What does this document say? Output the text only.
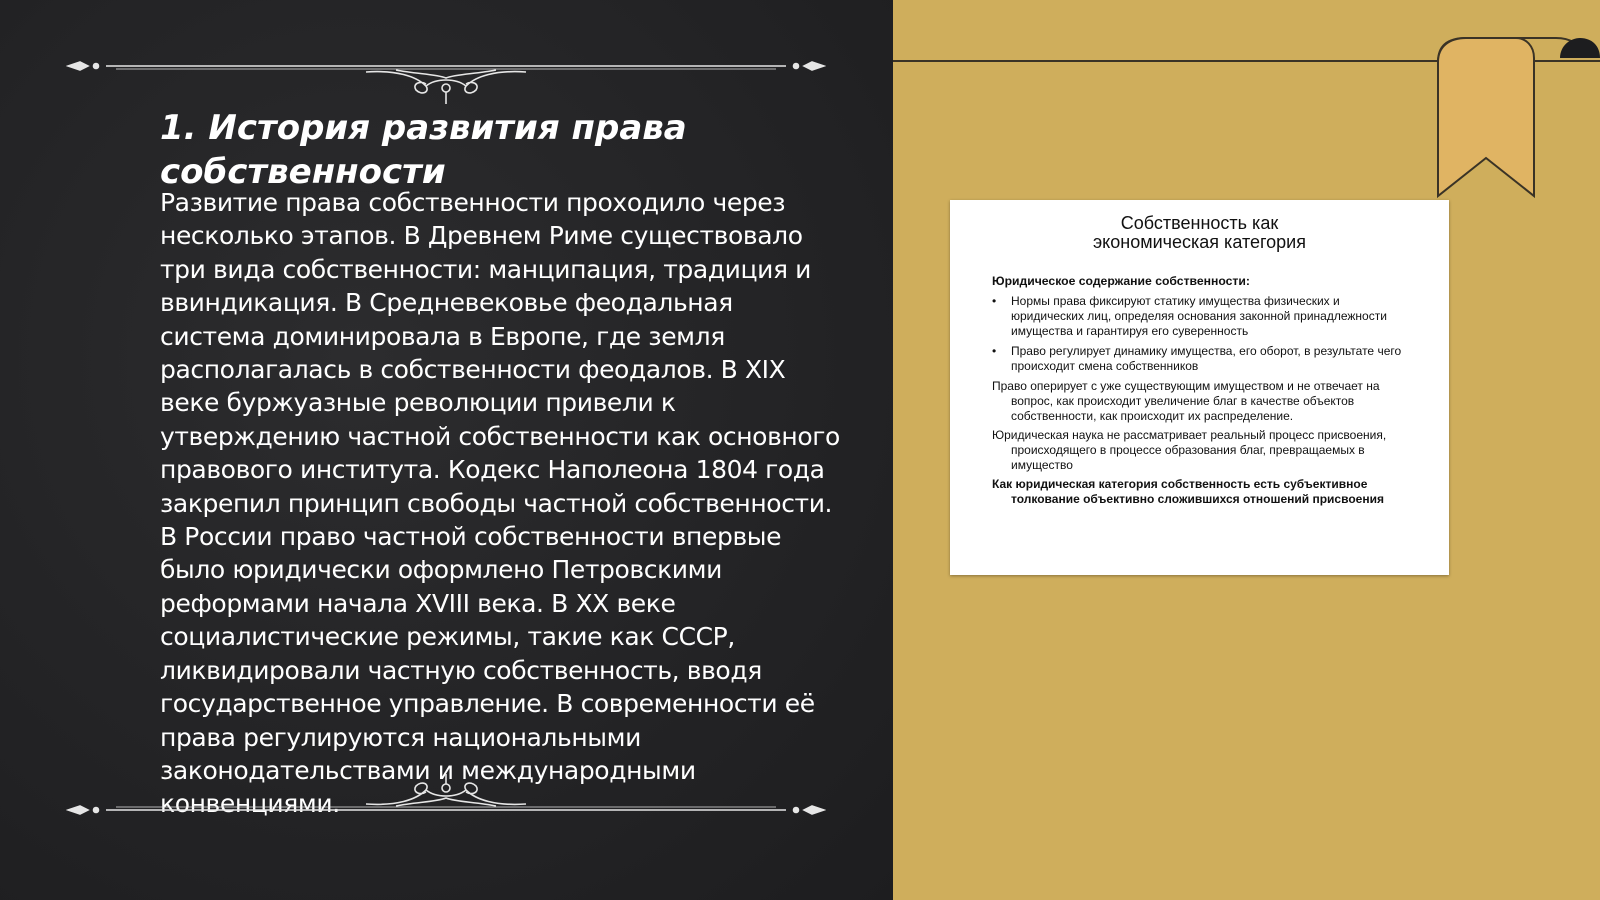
1. История развития права собственности

Развитие права собственности проходило через несколько этапов. В Древнем Риме существовало три вида собственности: манципация, традиция и ввиндикация. В Средневековье феодальная система доминировала в Европе, где земля располагалась в собственности феодалов. В XIX веке буржуазные революции привели к утверждению частной собственности как основного правового института. Кодекс Наполеона 1804 года закрепил принцип свободы частной собственности. В России право частной собственности впервые было юридически оформлено Петровскими реформами начала XVIII века. В XX веке социалистические режимы, такие как СССР, ликвидировали частную собственность, вводя государственное управление. В современности её права регулируются национальными законодательствами и международными конвенциями.

Собственность как
экономическая категория

Юридическое содержание собственности:

• Нормы права фиксируют статику имущества физических и юридических лиц, определяя основания законной принадлежности имущества и гарантируя его суверенность
• Право регулирует динамику имущества, его оборот, в результате чего происходит смена собственников

Право оперирует с уже существующим имуществом и не отвечает на вопрос, как происходит увеличение благ в качестве объектов собственности, как происходит их распределение.

Юридическая наука не рассматривает реальный процесс присвоения, происходящего в процессе образования благ, превращаемых в имущество

Как юридическая категория собственность есть субъективное толкование объективно сложившихся отношений присвоения
